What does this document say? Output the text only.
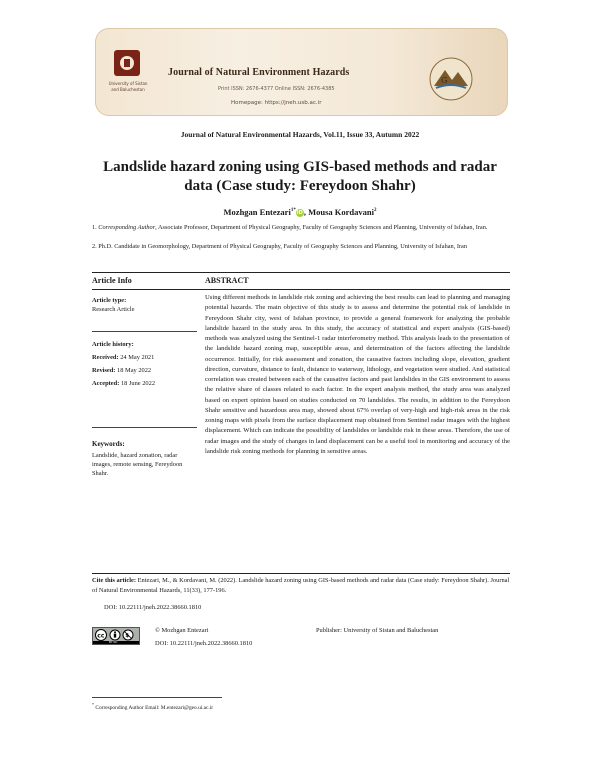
University of Sistan and Baluchestan
Journal of Natural Environment Hazards
Print ISSN: 2676-4377 Online ISSN: 2676-4385
Homepage: https://jneh.usb.ac.ir
G
Journal of Natural Environmental Hazards, Vol.11, Issue 33, Autumn 2022
Landslide hazard zoning using GIS-based methods and radar
data (Case study: Fereydoon Shahr)
Mozhgan Entezari$^{1*}$iD, Mousa Kordavani$^2$
1. Corresponding Author, Associate Professor, Department of Physical Geography, Faculty of Geography Sciences and Planning, University of Isfahan, Iran.
2. Ph.D. Candidate in Geomorphology, Department of Physical Geography, Faculty of Geography Sciences and Planning, University of Isfahan, Iran
Article Info	ABSTRACT
Article type:
Research Article
Article history:
Received: 24 May 2021
Revised: 18 May 2022
Accepted: 18 June 2022
Keywords:
Landslide, hazard zonation, radar images, remote sensing, Fereydoon Shahr.
Using different methods in landslide risk zoning and achieving the best results can lead to planning and managing potential hazards. The main objective of this study is to assess and determine the potential risk of landslide in Fereydoon Shahr city, west of Isfahan province, to provide a general framework for analyzing the probable landslide hazard in the study area. In this study, the accuracy of statistical and expert analysis (GIS-based) methods was analyzed using the Sentinel-1 radar interferometry method. This analysis leads to the presentation of the landslide hazard zoning map, susceptible areas, and determination of the factors affecting the landslide occurrence. Initially, for risk assessment and zonation, the causative factors including slope, elevation, gradient direction, curvature, distance to fault, distance to waterway, lithology, and vegetation were studied. And statistical correlation was created between each of the causative factors and past landslides in the GIS environment to assess the relative share of classes related to each factor. In the expert analysis method, the study area was analyzed based on expert opinion based on studies conducted on 70 landslides. The results, in addition to the Fereydoon Shahr sensitive and hazardous area map, showed about 67% overlap of very-high and high-risk areas in the risk zoning maps with pixels from the surface displacement map obtained from Sentinel radar images with the highest displacement. Which can indicate the possibility of landslides or landslide risk in these areas. Therefore, the use of radar images and the study of changes in land displacement can be a useful tool in monitoring and accuracy of the landslide risk zoning methods for planning in sensitive areas.
Cite this article: Entezari, M., & Kordavani, M. (2022). Landslide hazard zoning using GIS-based methods and radar data (Case study: Fereydoon Shahr). Journal of Natural Environmental Hazards, 11(33), 177-196.
DOI: 10.22111/jneh.2022.38660.1810
cc	$
BY NC
© Mozhgan Entezari
DOI: 10.22111/jneh.2022.38660.1810
Publisher: University of Sistan and Baluchestan
* Corresponding Author Email: M.entezari@geo.ui.ac.ir
